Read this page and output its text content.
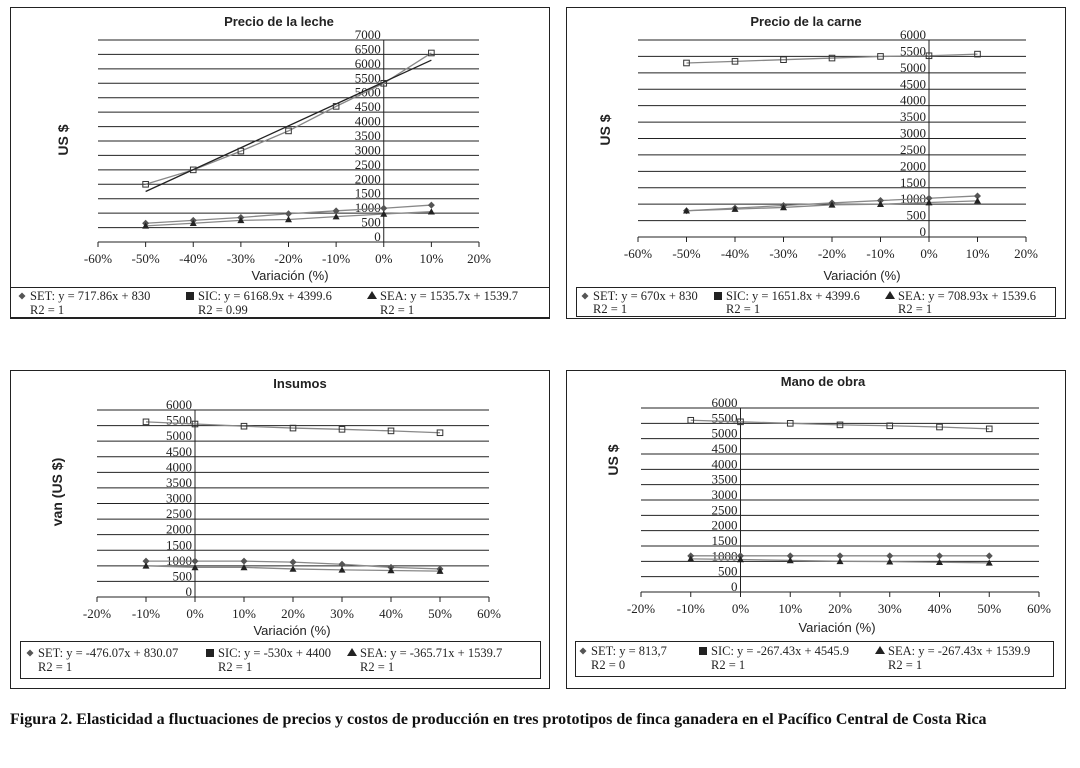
0
500
1000
1500
2000
2500
3000
3500
4000
4500
5000
5500
6000
6500
7000
-60% -50% -40% -30% -20% -10% 0% 10% 20%
Precio de la leche
Variación (%)
US $
SET: y = 717.86x + 830
R2 = 1
SIC: y = 6168.9x + 4399.6
R2 = 0.99
SEA: y = 1535.7x + 1539.7
R2 = 1
0
500
1000
1500
2000
2500
3000
3500
4000
4500
5000
5500
6000
-60% -50% -40% -30% -20% -10% 0% 10% 20%
Precio de la carne
Variación (%)
US $
SET: y = 670x + 830
R2 = 1
SIC: y = 1651.8x + 4399.6
R2 = 1
SEA: y = 708.93x + 1539.6
R2 = 1
0
500
1000
1500
2000
2500
3000
3500
4000
4500
5000
5500
6000
-20% -10% 0% 10% 20% 30% 40% 50% 60%
Insumos
Variación (%)
van (US $)
SET: y = -476.07x + 830.07
R2 = 1
SIC: y = -530x + 4400
R2 = 1
SEA: y = -365.71x + 1539.7
R2 = 1
0
500
1000
1500
2000
2500
3000
3500
4000
4500
5000
5500
6000
-20% -10% 0% 10% 20% 30% 40% 50% 60%
Mano de obra
Variación (%)
US $
SET: y = 813,7
R2 = 0
SIC: y = -267.43x + 4545.9
R2 = 1
SEA: y = -267.43x + 1539.9
R2 = 1

Figura 2. Elasticidad a fluctuaciones de precios y costos de producción en tres prototipos de finca ganadera en el Pacífico Central de Costa Rica
